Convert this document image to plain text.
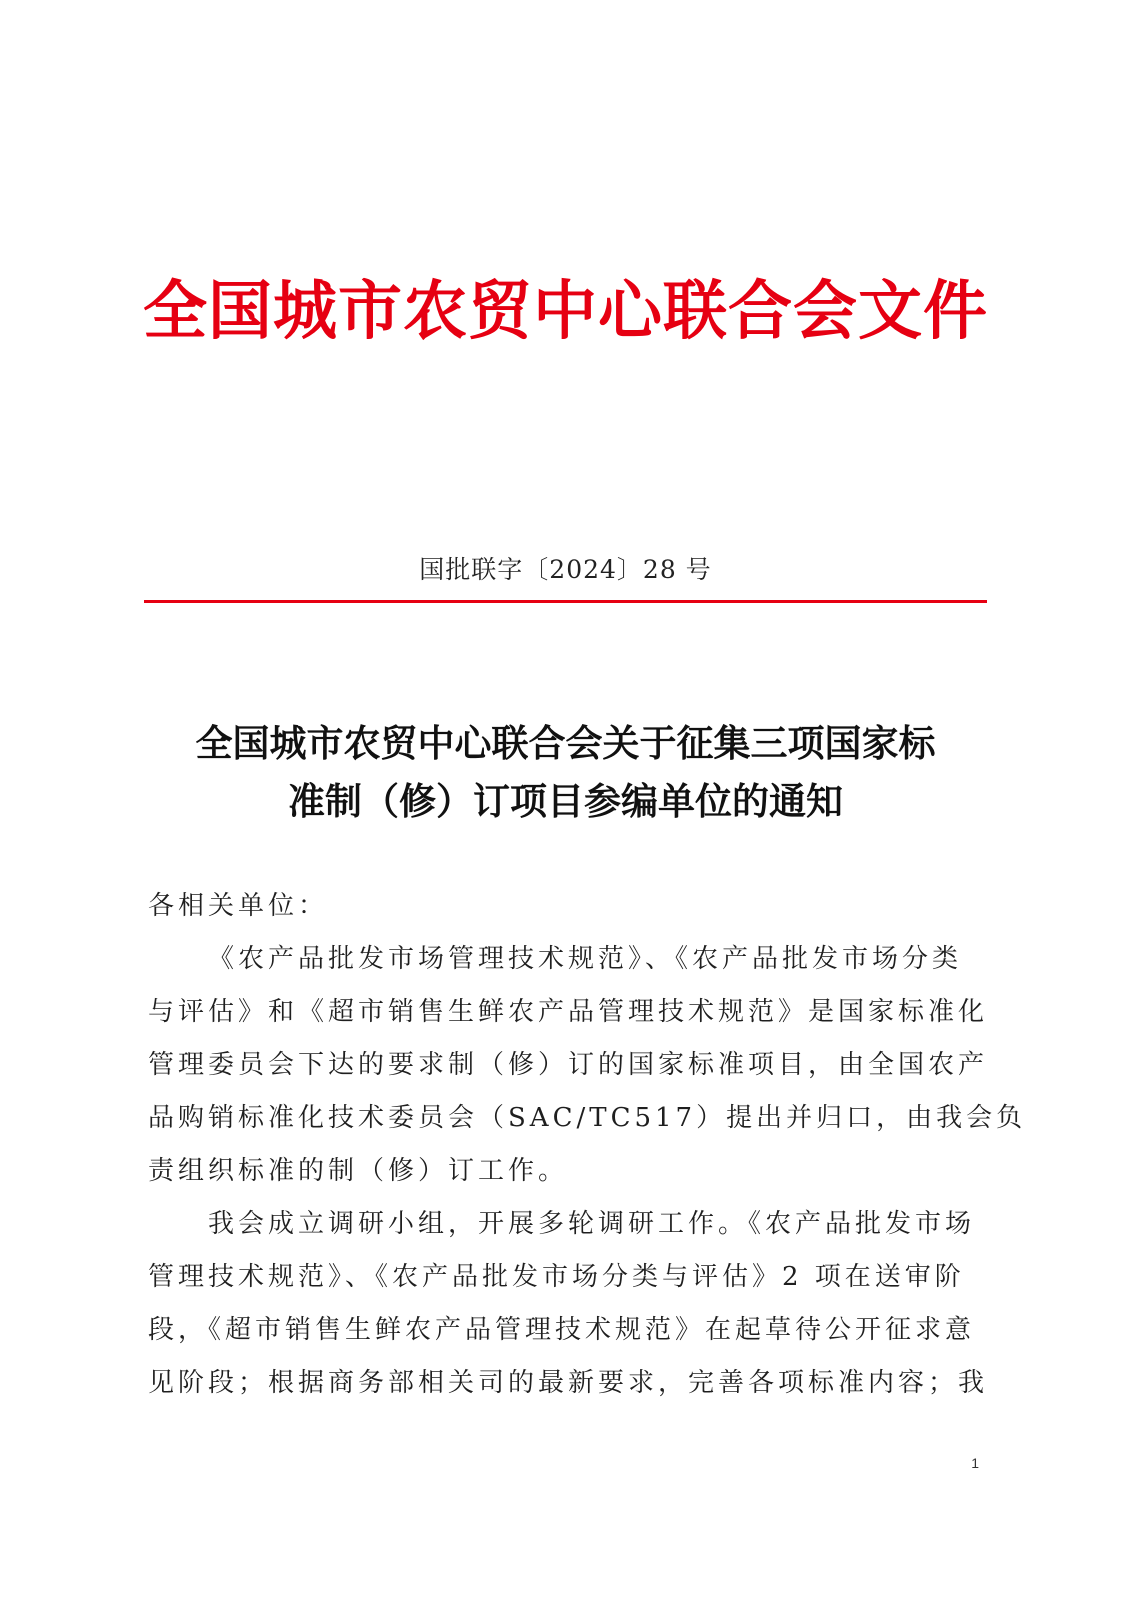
全国城市农贸中心联合会文件
国批联字〔2024〕28 号
全国城市农贸中心联合会关于征集三项国家标
准制（修）订项目参编单位的通知
各相关单位：
《农产品批发市场管理技术规范》、《农产品批发市场分类
与评估》和《超市销售生鲜农产品管理技术规范》是国家标准化
管理委员会下达的要求制（修）订的国家标准项目，由全国农产
品购销标准化技术委员会（SAC/TC517）提出并归口，由我会负
责组织标准的制（修）订工作。
我会成立调研小组，开展多轮调研工作。《农产品批发市场
管理技术规范》、《农产品批发市场分类与评估》2 项在送审阶
段，《超市销售生鲜农产品管理技术规范》在起草待公开征求意
见阶段；根据商务部相关司的最新要求，完善各项标准内容；我
1
